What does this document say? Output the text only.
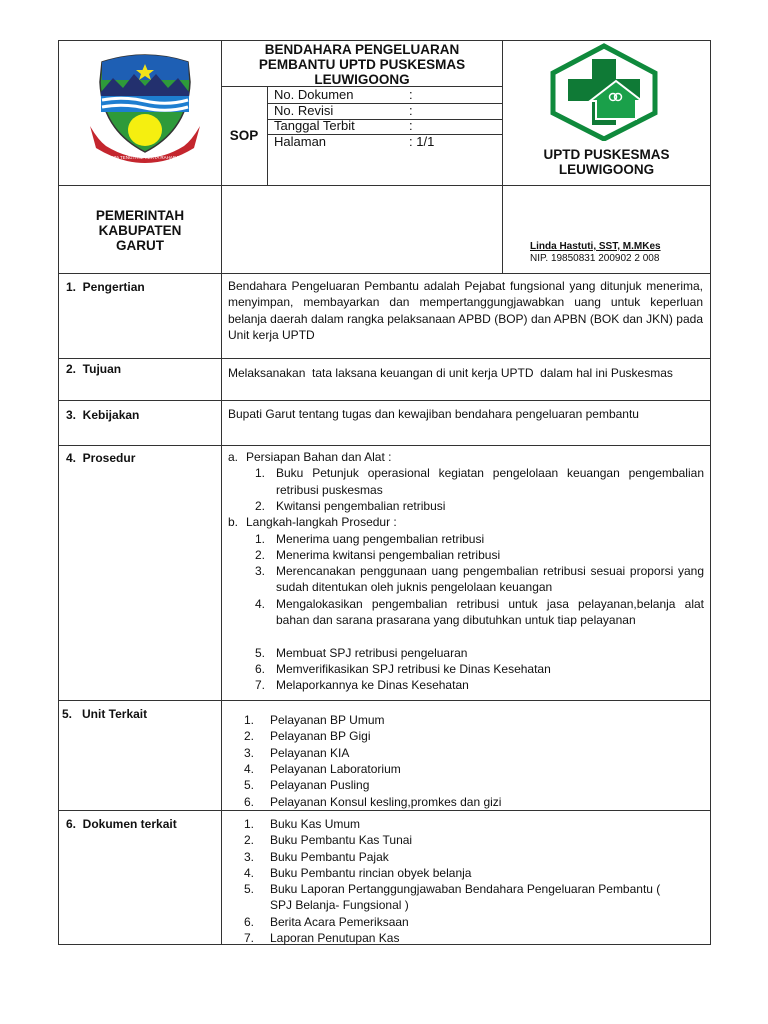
TATA TENGTRIM KERTA RAHARJA
BENDAHARA PENGELUARAN
PEMBANTU UPTD PUSKESMAS
LEUWIGOONG
SOP
No. Dokumen	:
No. Revisi	:
Tanggal Terbit	:
Halaman	: 1/1
UPTD PUSKESMAS
LEUWIGOONG
PEMERINTAH
KABUPATEN
GARUT	Linda Hastuti, SST, M.MKes
NIP. 19850831 200902 2 008
1.  Pengertian	Bendahara Pengeluaran Pembantu adalah Pejabat fungsional yang ditunjuk menerima, menyimpan, membayarkan dan mempertanggungjawabkan uang untuk keperluan belanja daerah dalam rangka pelaksanaan APBD (BOP) dan APBN (BOK dan JKN) pada Unit kerja UPTD
2.  Tujuan	Melaksanakan  tata laksana keuangan di unit kerja UPTD  dalam hal ini Puskesmas
3.  Kebijakan	Bupati Garut tentang tugas dan kewajiban bendahara pengeluaran pembantu
4.  Prosedur	a. Persiapan Bahan dan Alat :
1. Buku Petunjuk operasional kegiatan pengelolaan keuangan pengembalian retribusi puskesmas
2. Kwitansi pengembalian retribusi
b. Langkah-langkah Prosedur :
1. Menerima uang pengembalian retribusi
2. Menerima kwitansi pengembalian retribusi
3. Merencanakan penggunaan uang pengembalian retribusi sesuai proporsi yang sudah ditentukan oleh juknis pengelolaan keuangan
4. Mengalokasikan pengembalian retribusi untuk jasa pelayanan,belanja alat bahan dan sarana prasarana yang dibutuhkan untuk tiap pelayanan
5. Membuat SPJ retribusi pengeluaran
6. Memverifikasikan SPJ retribusi ke Dinas Kesehatan
7. Melaporkannya ke Dinas Kesehatan
5.   Unit Terkait	1. Pelayanan BP Umum
2. Pelayanan BP Gigi
3. Pelayanan KIA
4. Pelayanan Laboratorium
5. Pelayanan Pusling
6. Pelayanan Konsul kesling,promkes dan gizi
6.  Dokumen terkait	1. Buku Kas Umum
2. Buku Pembantu Kas Tunai
3. Buku Pembantu Pajak
4. Buku Pembantu rincian obyek belanja
5. Buku Laporan Pertanggungjawaban Bendahara Pengeluaran Pembantu ( SPJ Belanja- Fungsional )
6. Berita Acara Pemeriksaan
7. Laporan Penutupan Kas
